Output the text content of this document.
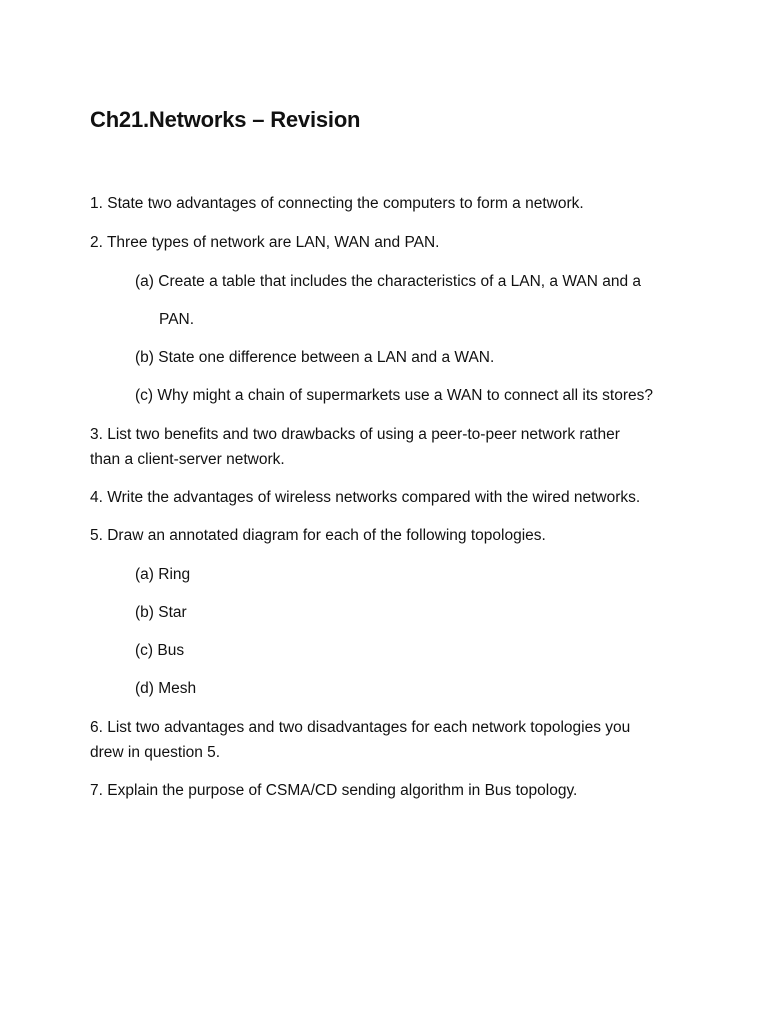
Ch21.Networks – Revision

1. State two advantages of connecting the computers to form a network.

2. Three types of network are LAN, WAN and PAN.

(a) Create a table that includes the characteristics of a LAN, a WAN and a

PAN.

(b) State one difference between a LAN and a WAN.

(c) Why might a chain of supermarkets use a WAN to connect all its stores?

3. List two benefits and two drawbacks of using a peer-to-peer network rather

than a client-server network.

4. Write the advantages of wireless networks compared with the wired networks.

5. Draw an annotated diagram for each of the following topologies.

(a) Ring

(b) Star

(c) Bus

(d) Mesh

6. List two advantages and two disadvantages for each network topologies you

drew in question 5.

7. Explain the purpose of CSMA/CD sending algorithm in Bus topology.
